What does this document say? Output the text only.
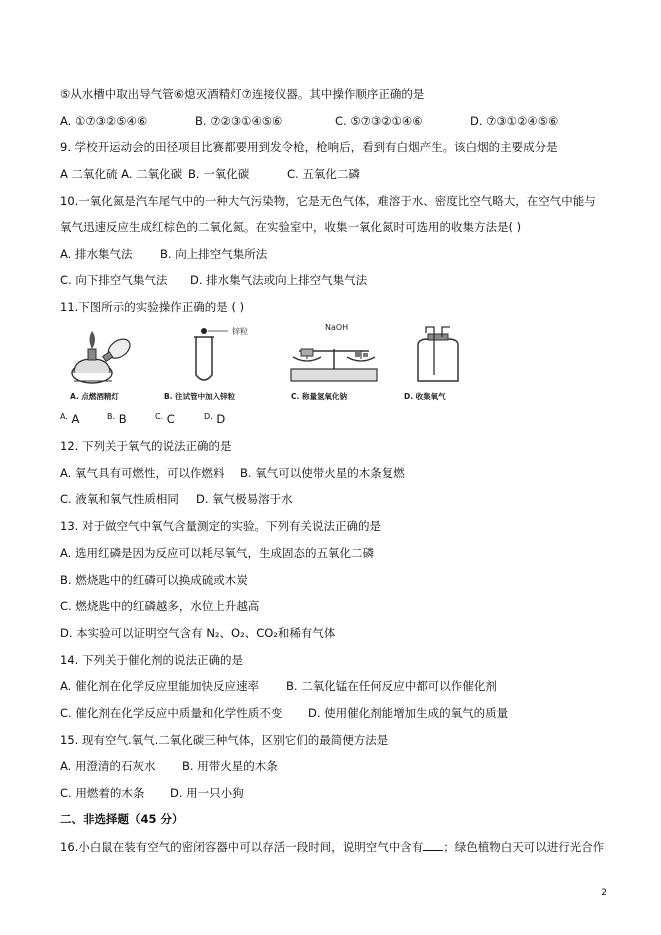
⑤从水槽中取出导气管⑥熄灭酒精灯⑦连接仪器。其中操作顺序正确的是
A. ①⑦③②⑤④⑥	B. ⑦②③①④⑤⑥	C. ⑤⑦③②①④⑥	D. ⑦③①②④⑤⑥
9. 学校开运动会的田径项目比赛都要用到发令枪，枪响后，看到有白烟产生。该白烟的主要成分是
A 二氧化硫 A. 二氧化碳 B. 一氧化碳	C. 五氧化二磷
10.一氧化氮是汽车尾气中的一种大气污染物，它是无色气体，难溶于水、密度比空气略大，在空气中能与
氧气迅速反应生成红棕色的二氧化氮。在实验室中，收集一氧化氮时可选用的收集方法是( )
A. 排水集气法 B. 向上排空气集所法
C. 向下排空气集气法 D. 排水集气法或向上排空气集气法
11.下图所示的实验操作正确的是 ( )
A. 点燃酒精灯
锌粒
B. 往试管中加入锌粒
NaOH
C. 称量氢氧化钠	D. 收集氧气
$^{A.}$ A	$^{B.}$ B	$^{C.}$ C	$^{D.}$ D
12. 下列关于氧气的说法正确的是
A. 氧气具有可燃性，可以作燃料 B. 氧气可以使带火星的木条复燃
C. 液氧和氧气性质相同 D. 氧气极易溶于水
13. 对于做空气中氧气含量测定的实验。下列有关说法正确的是
A. 选用红磷是因为反应可以耗尽氧气，生成固态的五氧化二磷
B. 燃烧匙中的红磷可以换成硫或木炭
C. 燃烧匙中的红磷越多，水位上升越高
D. 本实验可以证明空气含有 N₂、O₂、CO₂和稀有气体
14. 下列关于催化剂的说法正确的是
A. 催化剂在化学反应里能加快反应速率 B. 二氧化锰在任何反应中都可以作催化剂
C. 催化剂在化学反应中质量和化学性质不变 D. 使用催化剂能增加生成的氧气的质量
15. 现有空气.氧气.二氧化碳三种气体，区别它们的最简便方法是
A. 用澄清的石灰水 B. 用带火星的木条
C. 用燃着的木条 D. 用一只小狗
二、非选择题（45 分）
16.小白鼠在装有空气的密闭容器中可以存活一段时间，说明空气中含有 ；绿色植物白天可以进行光合作
2
